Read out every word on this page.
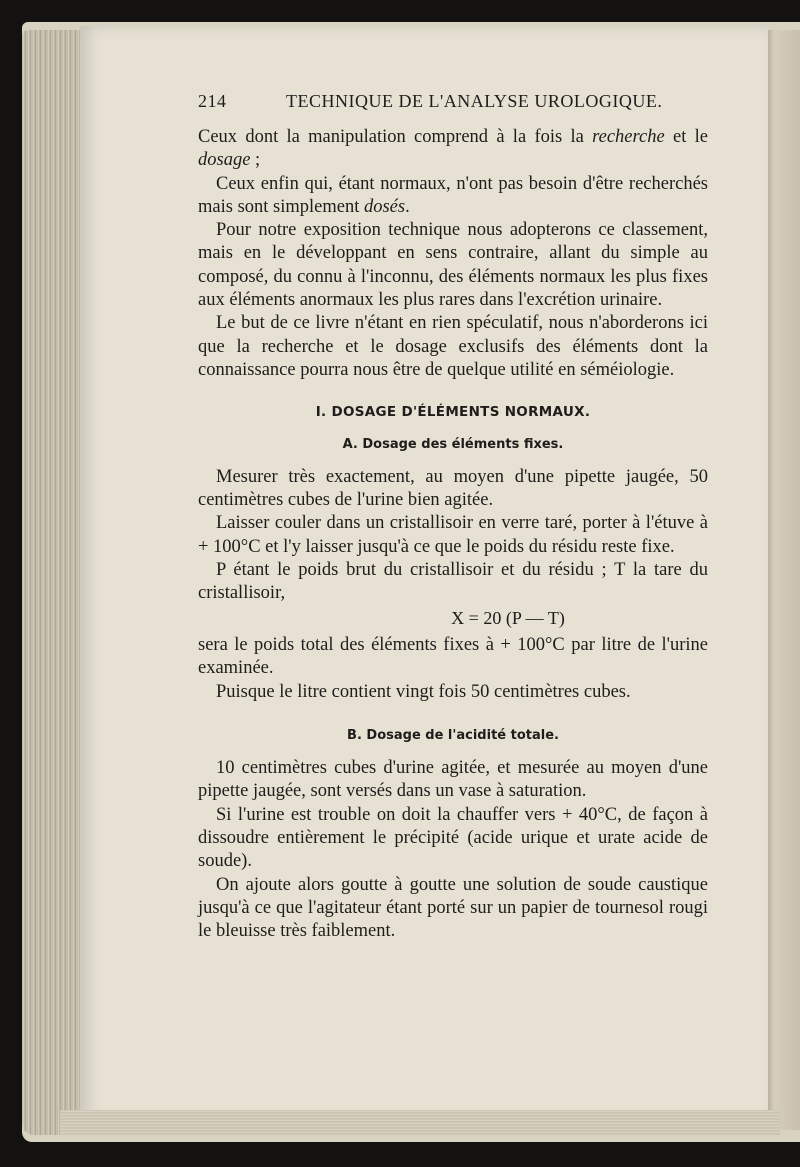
214	TECHNIQUE DE L'ANALYSE UROLOGIQUE.

Ceux dont la manipulation comprend à la fois la recherche et le dosage ;

Ceux enfin qui, étant normaux, n'ont pas besoin d'être recherchés mais sont simplement dosés.

Pour notre exposition technique nous adopterons ce classement, mais en le développant en sens contraire, allant du simple au composé, du connu à l'inconnu, des éléments normaux les plus fixes aux éléments anormaux les plus rares dans l'excrétion urinaire.

Le but de ce livre n'étant en rien spéculatif, nous n'aborderons ici que la recherche et le dosage exclusifs des éléments dont la connaissance pourra nous être de quelque utilité en séméiologie.

I. DOSAGE D'ÉLÉMENTS NORMAUX.
A. Dosage des éléments fixes.

Mesurer très exactement, au moyen d'une pipette jaugée, 50 centimètres cubes de l'urine bien agitée.

Laisser couler dans un cristallisoir en verre taré, porter à l'étuve à + 100°C et l'y laisser jusqu'à ce que le poids du résidu reste fixe.

P étant le poids brut du cristallisoir et du résidu ; T la tare du cristallisoir,

X = 20 (P — T)

sera le poids total des éléments fixes à + 100°C par litre de l'urine examinée.

Puisque le litre contient vingt fois 50 centimètres cubes.

B. Dosage de l'acidité totale.

10 centimètres cubes d'urine agitée, et mesurée au moyen d'une pipette jaugée, sont versés dans un vase à saturation.

Si l'urine est trouble on doit la chauffer vers + 40°C, de façon à dissoudre entièrement le précipité (acide urique et urate acide de soude).

On ajoute alors goutte à goutte une solution de soude caustique jusqu'à ce que l'agitateur étant porté sur un papier de tournesol rougi le bleuisse très faiblement.
